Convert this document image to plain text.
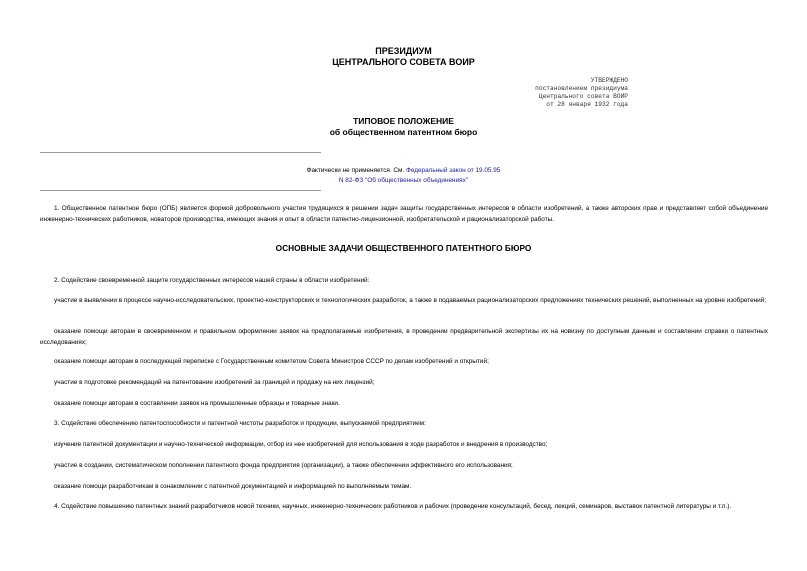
ПРЕЗИДИУМ
ЦЕНТРАЛЬНОГО СОВЕТА ВОИР
УТВЕРЖДЕНО
постановлением президиума
Центрального совета ВОИР
от 28 января 1932 года
ТИПОВОЕ ПОЛОЖЕНИЕ
об общественном патентном бюро
Фактически не применяется. См. Федеральный закон от 19.05.95
N 82-ФЗ "Об общественных объединениях"
1. Общественное патентное бюро (ОПБ) является формой добровольного участия трудящихся в решении задач защиты государственных интересов в области изобретений, а также авторских прав и представляет собой объединение инженерно-технических работников, новаторов производства, имеющих знания и опыт в области патентно-лицензионной, изобретательской и рационализаторской работы.
ОСНОВНЫЕ ЗАДАЧИ ОБЩЕСТВЕННОГО ПАТЕНТНОГО БЮРО
2. Содействие своевременной защите государственных интересов нашей страны в области изобретений:
участие в выявлении в процессе научно-исследовательских, проектно-конструкторских и технологических разработок, а также в подаваемых рационализаторских предложениях технических решений, выполненных на уровне изобретений;
оказание помощи авторам в своевременном и правильном оформлении заявок на предполагаемые изобретения, в проведении предварительной экспертизы их на новизну по доступным данным и составлении справки о патентных исследованиях;
оказание помощи авторам в последующей переписке с Государственным комитетом Совета Министров СССР по делам изобретений и открытий;
участие в подготовке рекомендаций на патентование изобретений за границей и продажу на них лицензий;
оказание помощи авторам в составлении заявок на промышленные образцы и товарные знаки.
3. Содействие обеспечению патентоспособности и патентной чистоты разработок и продукции, выпускаемой предприятием:
изучение патентной документации и научно-технической информации, отбор из нее изобретений для использования в ходе разработок и внедрения в производство;
участие в создании, систематическом пополнении патентного фонда предприятия (организации), а также обеспечении эффективного его использования;
оказание помощи разработчикам в ознакомлении с патентной документацией и информацией по выполняемым темам.
4. Содействие повышению патентных знаний разработчиков новой техники, научных, инженерно-технических работников и рабочих (проведение консультаций, бесед, лекций, семинаров, выставок патентной литературы и т.п.).
